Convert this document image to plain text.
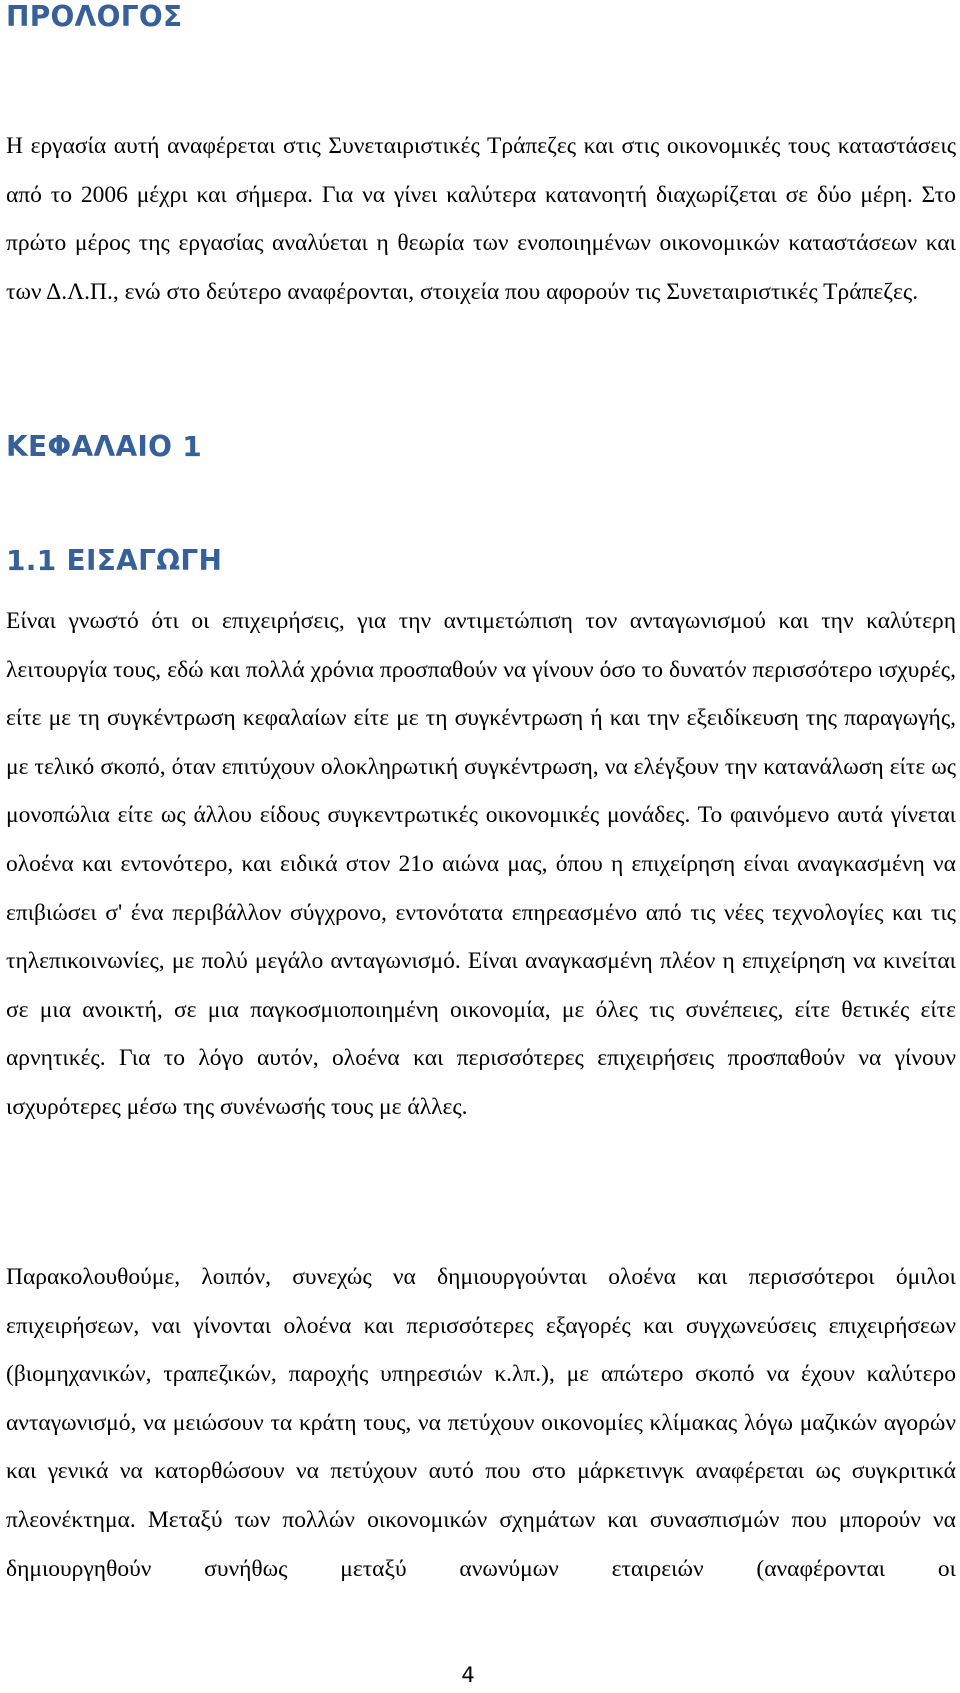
ΠΡΟΛΟΓΟΣ

Η εργασία αυτή αναφέρεται στις Συνεταιριστικές Τράπεζες και στις οικονομικές τους καταστάσεις από το 2006 μέχρι και σήμερα. Για να γίνει καλύτερα κατανοητή διαχωρίζεται σε δύο μέρη. Στο πρώτο μέρος της εργασίας αναλύεται η θεωρία των ενοποιημένων οικονομικών καταστάσεων και των Δ.Λ.Π., ενώ στο δεύτερο αναφέρονται, στοιχεία που αφορούν τις Συνεταιριστικές Τράπεζες.

ΚΕΦΑΛΑΙΟ 1
1.1 ΕΙΣΑΓΩΓΗ

Είναι γνωστό ότι οι επιχειρήσεις, για την αντιμετώπιση τον ανταγωνισμού και την καλύτερη λειτουργία τους, εδώ και πολλά χρόνια προσπαθούν να γίνουν όσο το δυνατόν περισσότερο ισχυρές, είτε με τη συγκέντρωση κεφαλαίων είτε με τη συγκέντρωση ή και την εξειδίκευση της παραγωγής, με τελικό σκοπό, όταν επιτύχουν ολοκληρωτική συγκέντρωση, να ελέγξουν την κατανάλωση είτε ως μονοπώλια είτε ως άλλου είδους συγκεντρωτικές οικονομικές μονάδες. Το φαινόμενο αυτά γίνεται ολοένα και εντονότερο, και ειδικά στον 21ο αιώνα μας, όπου η επιχείρηση είναι αναγκασμένη να επιβιώσει σ' ένα περιβάλλον σύγχρονο, εντονότατα επηρεασμένο από τις νέες τεχνολογίες και τις τηλεπικοινωνίες, με πολύ μεγάλο ανταγωνισμό. Είναι αναγκασμένη πλέον η επιχείρηση να κινείται σε μια ανοικτή, σε μια παγκοσμιοποιημένη οικονομία, με όλες τις συνέπειες, είτε θετικές είτε αρνητικές. Για το λόγο αυτόν, ολοένα και περισσότερες επιχειρήσεις προσπαθούν να γίνουν ισχυρότερες μέσω της συνένωσής τους με άλλες.

Παρακολουθούμε, λοιπόν, συνεχώς να δημιουργούνται ολοένα και περισσότεροι όμιλοι επιχειρήσεων, ναι γίνονται ολοένα και περισσότερες εξαγορές και συγχωνεύσεις επιχειρήσεων (βιομηχανικών, τραπεζικών, παροχής υπηρεσιών κ.λπ.), με απώτερο σκοπό να έχουν καλύτερο ανταγωνισμό, να μειώσουν τα κράτη τους, να πετύχουν οικονομίες κλίμακας λόγω μαζικών αγορών και γενικά να κατορθώσουν να πετύχουν αυτό που στο μάρκετινγκ αναφέρεται ως συγκριτικά πλεονέκτημα. Μεταξύ των πολλών οικονομικών σχημάτων και συνασπισμών που μπορούν να δημιουργηθούν συνήθως μεταξύ ανωνύμων εταιρειών (αναφέρονται οι

4
